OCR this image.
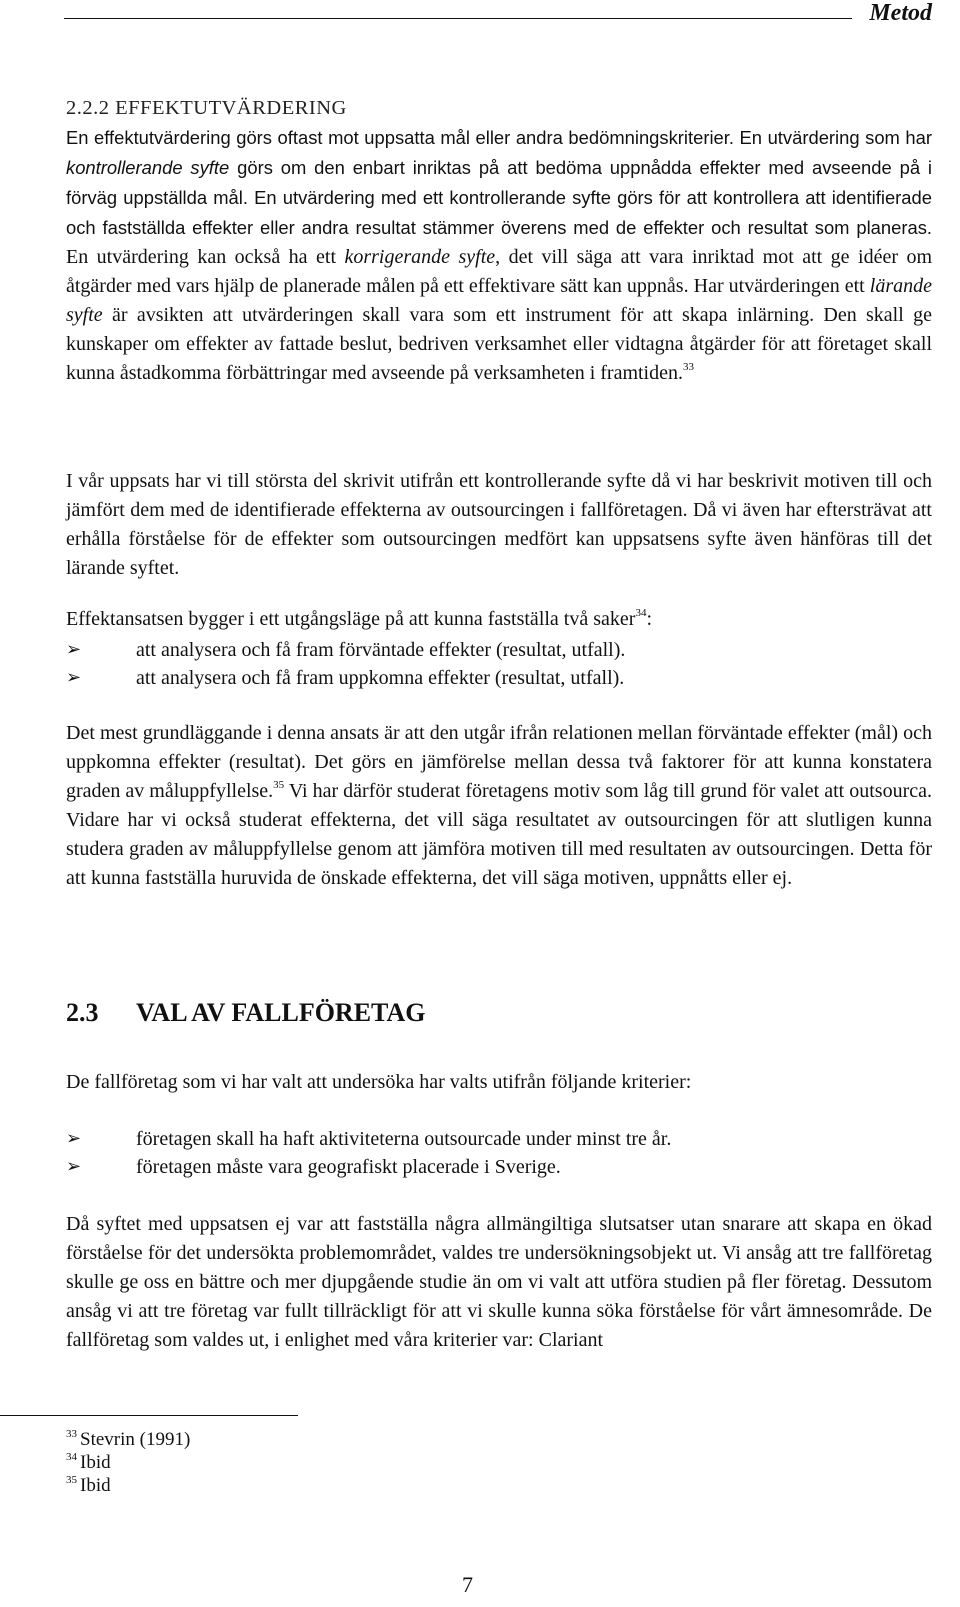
Metod
2.2.2 EFFEKTUTVÄRDERING

En effektutvärdering görs oftast mot uppsatta mål eller andra bedömningskriterier. En utvärdering som har kontrollerande syfte görs om den enbart inriktas på att bedöma uppnådda effekter med avseende på i förväg uppställda mål. En utvärdering med ett kontrollerande syfte görs för att kontrollera att identifierade och fastställda effekter eller andra resultat stämmer överens med de effekter och resultat som planeras. En utvärdering kan också ha ett korrigerande syfte, det vill säga att vara inriktad mot att ge idéer om åtgärder med vars hjälp de planerade målen på ett effektivare sätt kan uppnås. Har utvärderingen ett lärande syfte är avsikten att utvärderingen skall vara som ett instrument för att skapa inlärning. Den skall ge kunskaper om effekter av fattade beslut, bedriven verksamhet eller vidtagna åtgärder för att företaget skall kunna åstadkomma förbättringar med avseende på verksamheten i framtiden.$^{33}$

I vår uppsats har vi till största del skrivit utifrån ett kontrollerande syfte då vi har beskrivit motiven till och jämfört dem med de identifierade effekterna av outsourcingen i fallföretagen. Då vi även har eftersträvat att erhålla förståelse för de effekter som outsourcingen medfört kan uppsatsens syfte även hänföras till det lärande syftet.

Effektansatsen bygger i ett utgångsläge på att kunna fastställa två saker$^{34}$:

➢	att analysera och få fram förväntade effekter (resultat, utfall).
➢	att analysera och få fram uppkomna effekter (resultat, utfall).

Det mest grundläggande i denna ansats är att den utgår ifrån relationen mellan förväntade effekter (mål) och uppkomna effekter (resultat). Det görs en jämförelse mellan dessa två faktorer för att kunna konstatera graden av måluppfyllelse.$^{35}$ Vi har därför studerat företagens motiv som låg till grund för valet att outsourca. Vidare har vi också studerat effekterna, det vill säga resultatet av outsourcingen för att slutligen kunna studera graden av måluppfyllelse genom att jämföra motiven till med resultaten av outsourcingen. Detta för att kunna fastställa huruvida de önskade effekterna, det vill säga motiven, uppnåtts eller ej.

2.3 VAL AV FALLFÖRETAG

De fallföretag som vi har valt att undersöka har valts utifrån följande kriterier:

➢	företagen skall ha haft aktiviteterna outsourcade under minst tre år.
➢	företagen måste vara geografiskt placerade i Sverige.

Då syftet med uppsatsen ej var att fastställa några allmängiltiga slutsatser utan snarare att skapa en ökad förståelse för det undersökta problemområdet, valdes tre undersökningsobjekt ut. Vi ansåg att tre fallföretag skulle ge oss en bättre och mer djupgående studie än om vi valt att utföra studien på fler företag. Dessutom ansåg vi att tre företag var fullt tillräckligt för att vi skulle kunna söka förståelse för vårt ämnesområde. De fallföretag som valdes ut, i enlighet med våra kriterier var: Clariant

$^{33}$ Stevrin (1991)
$^{34}$ Ibid
$^{35}$ Ibid
7
